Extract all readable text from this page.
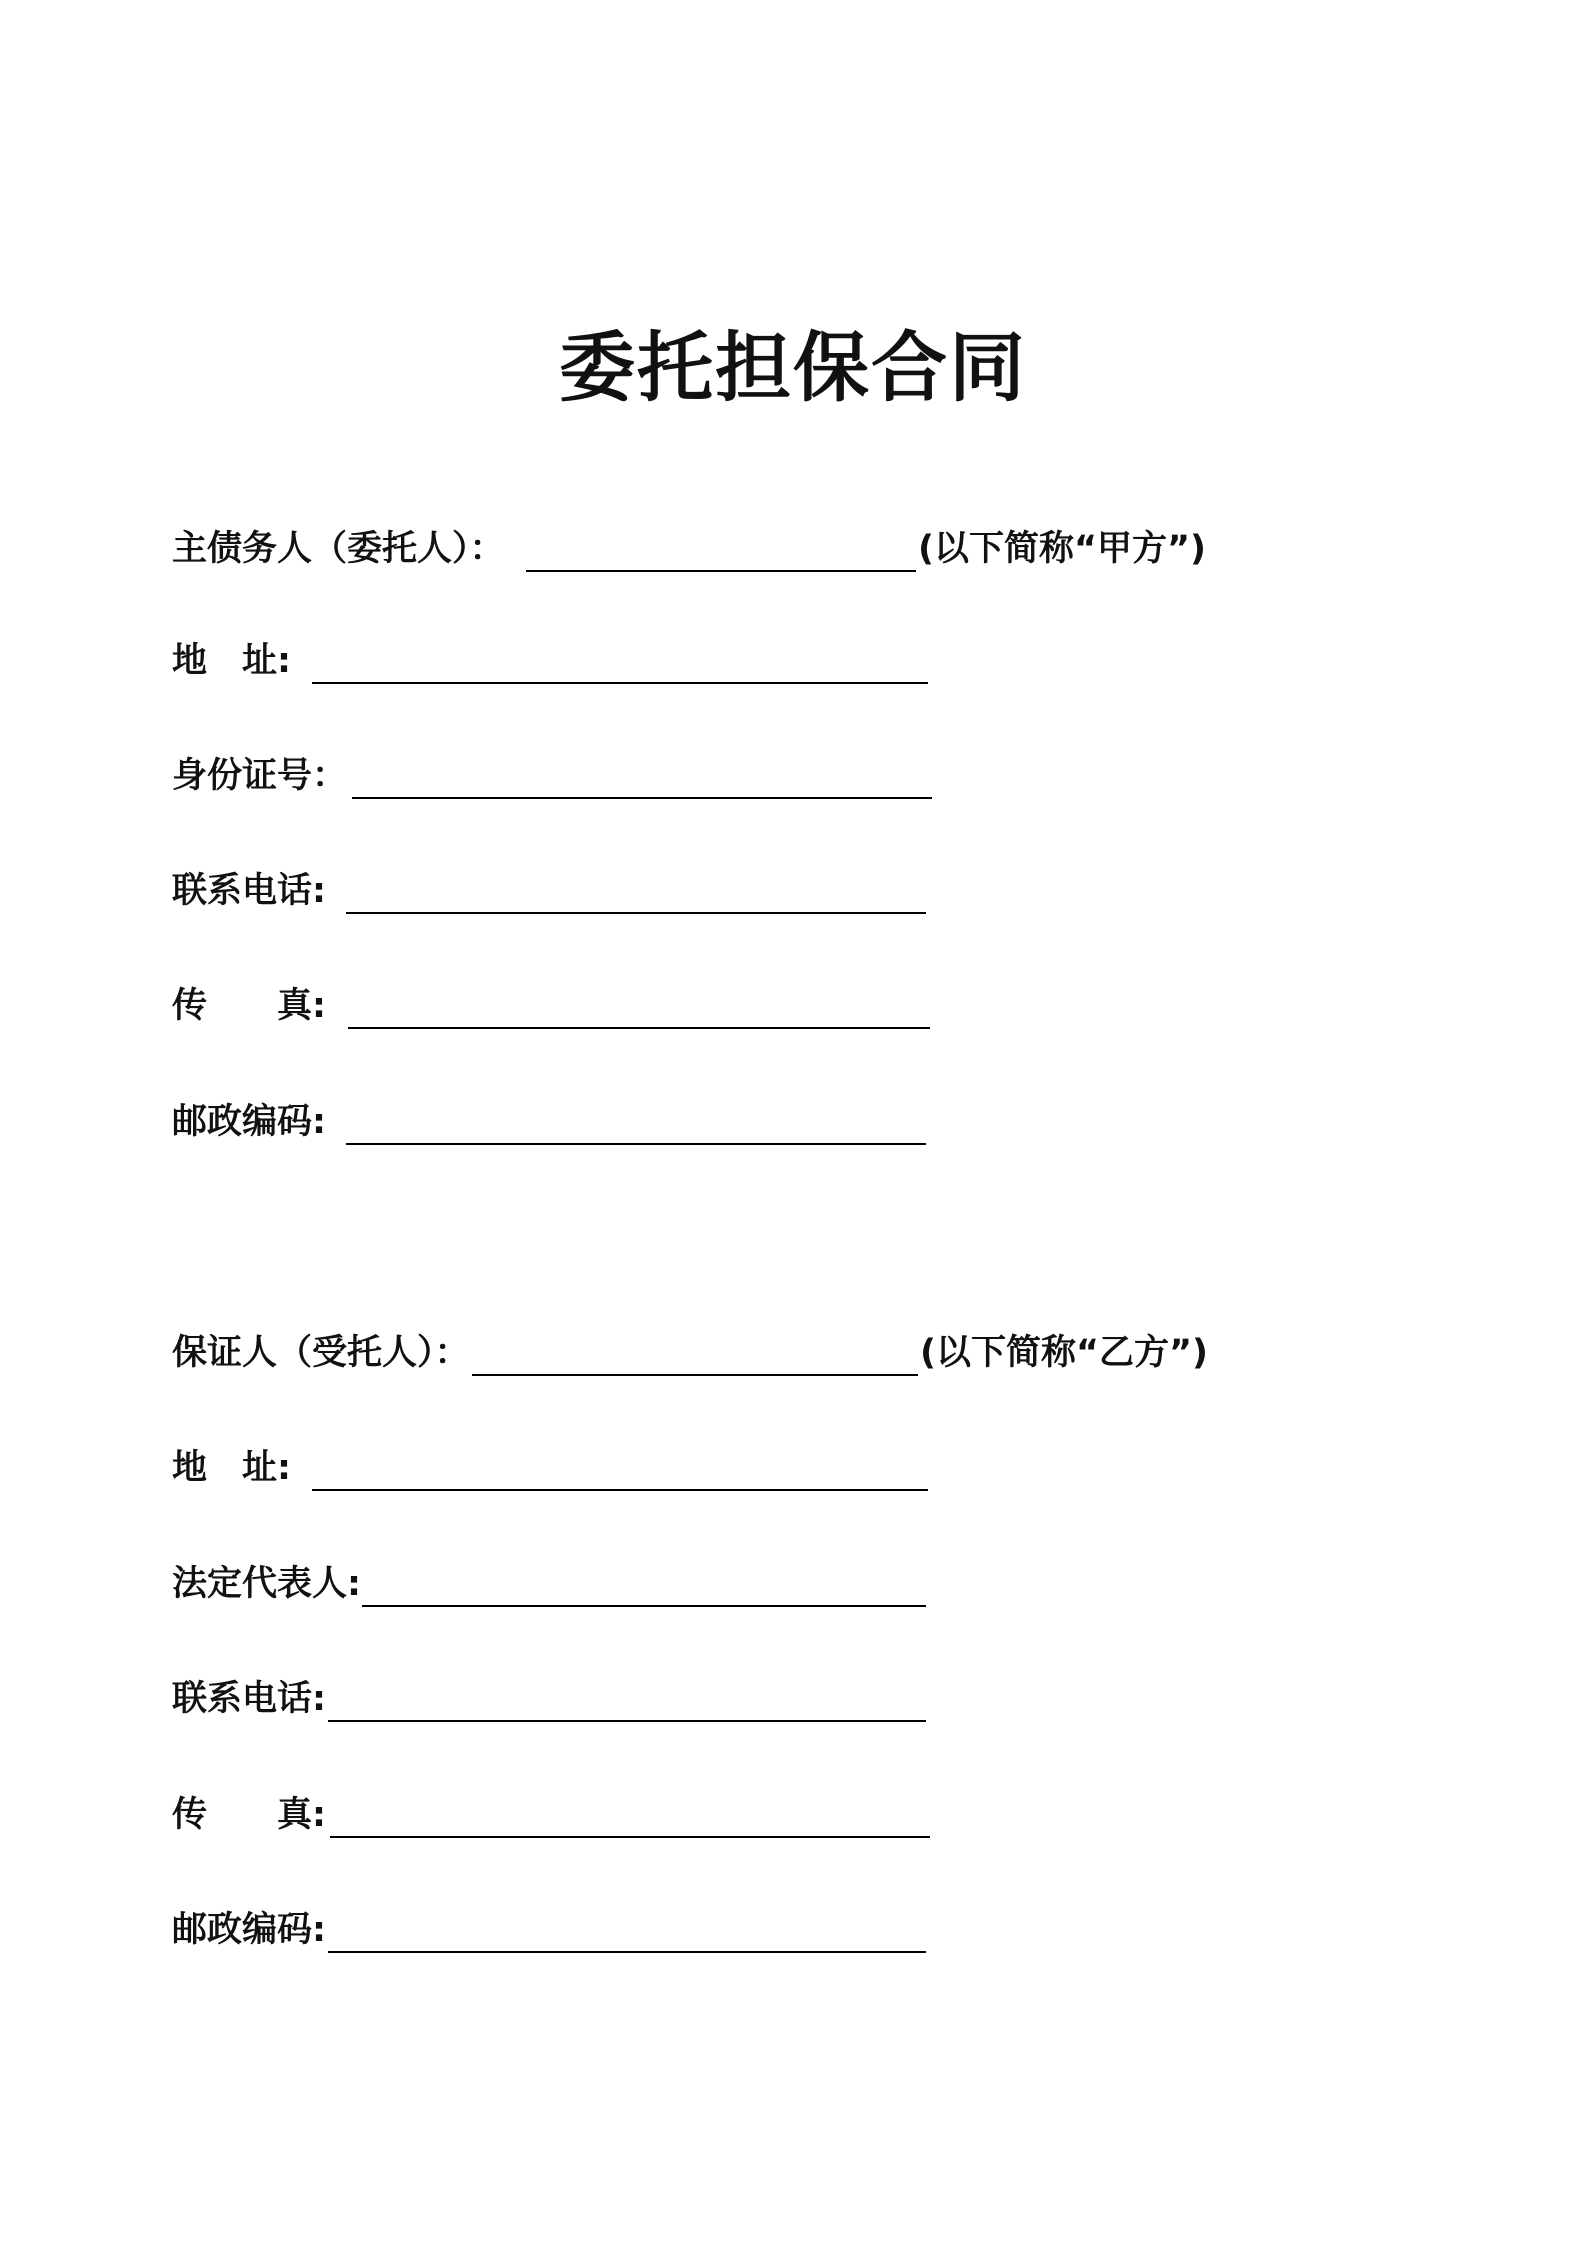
委托担保合同
主债务人（委托人）：	(以下简称“甲方”)
地　址:
身份证号：
联系电话:
传　　真:
邮政编码:
保证人（受托人）：	(以下简称“乙方”)
地　址:
法定代表人:
联系电话:
传　　真:
邮政编码:
